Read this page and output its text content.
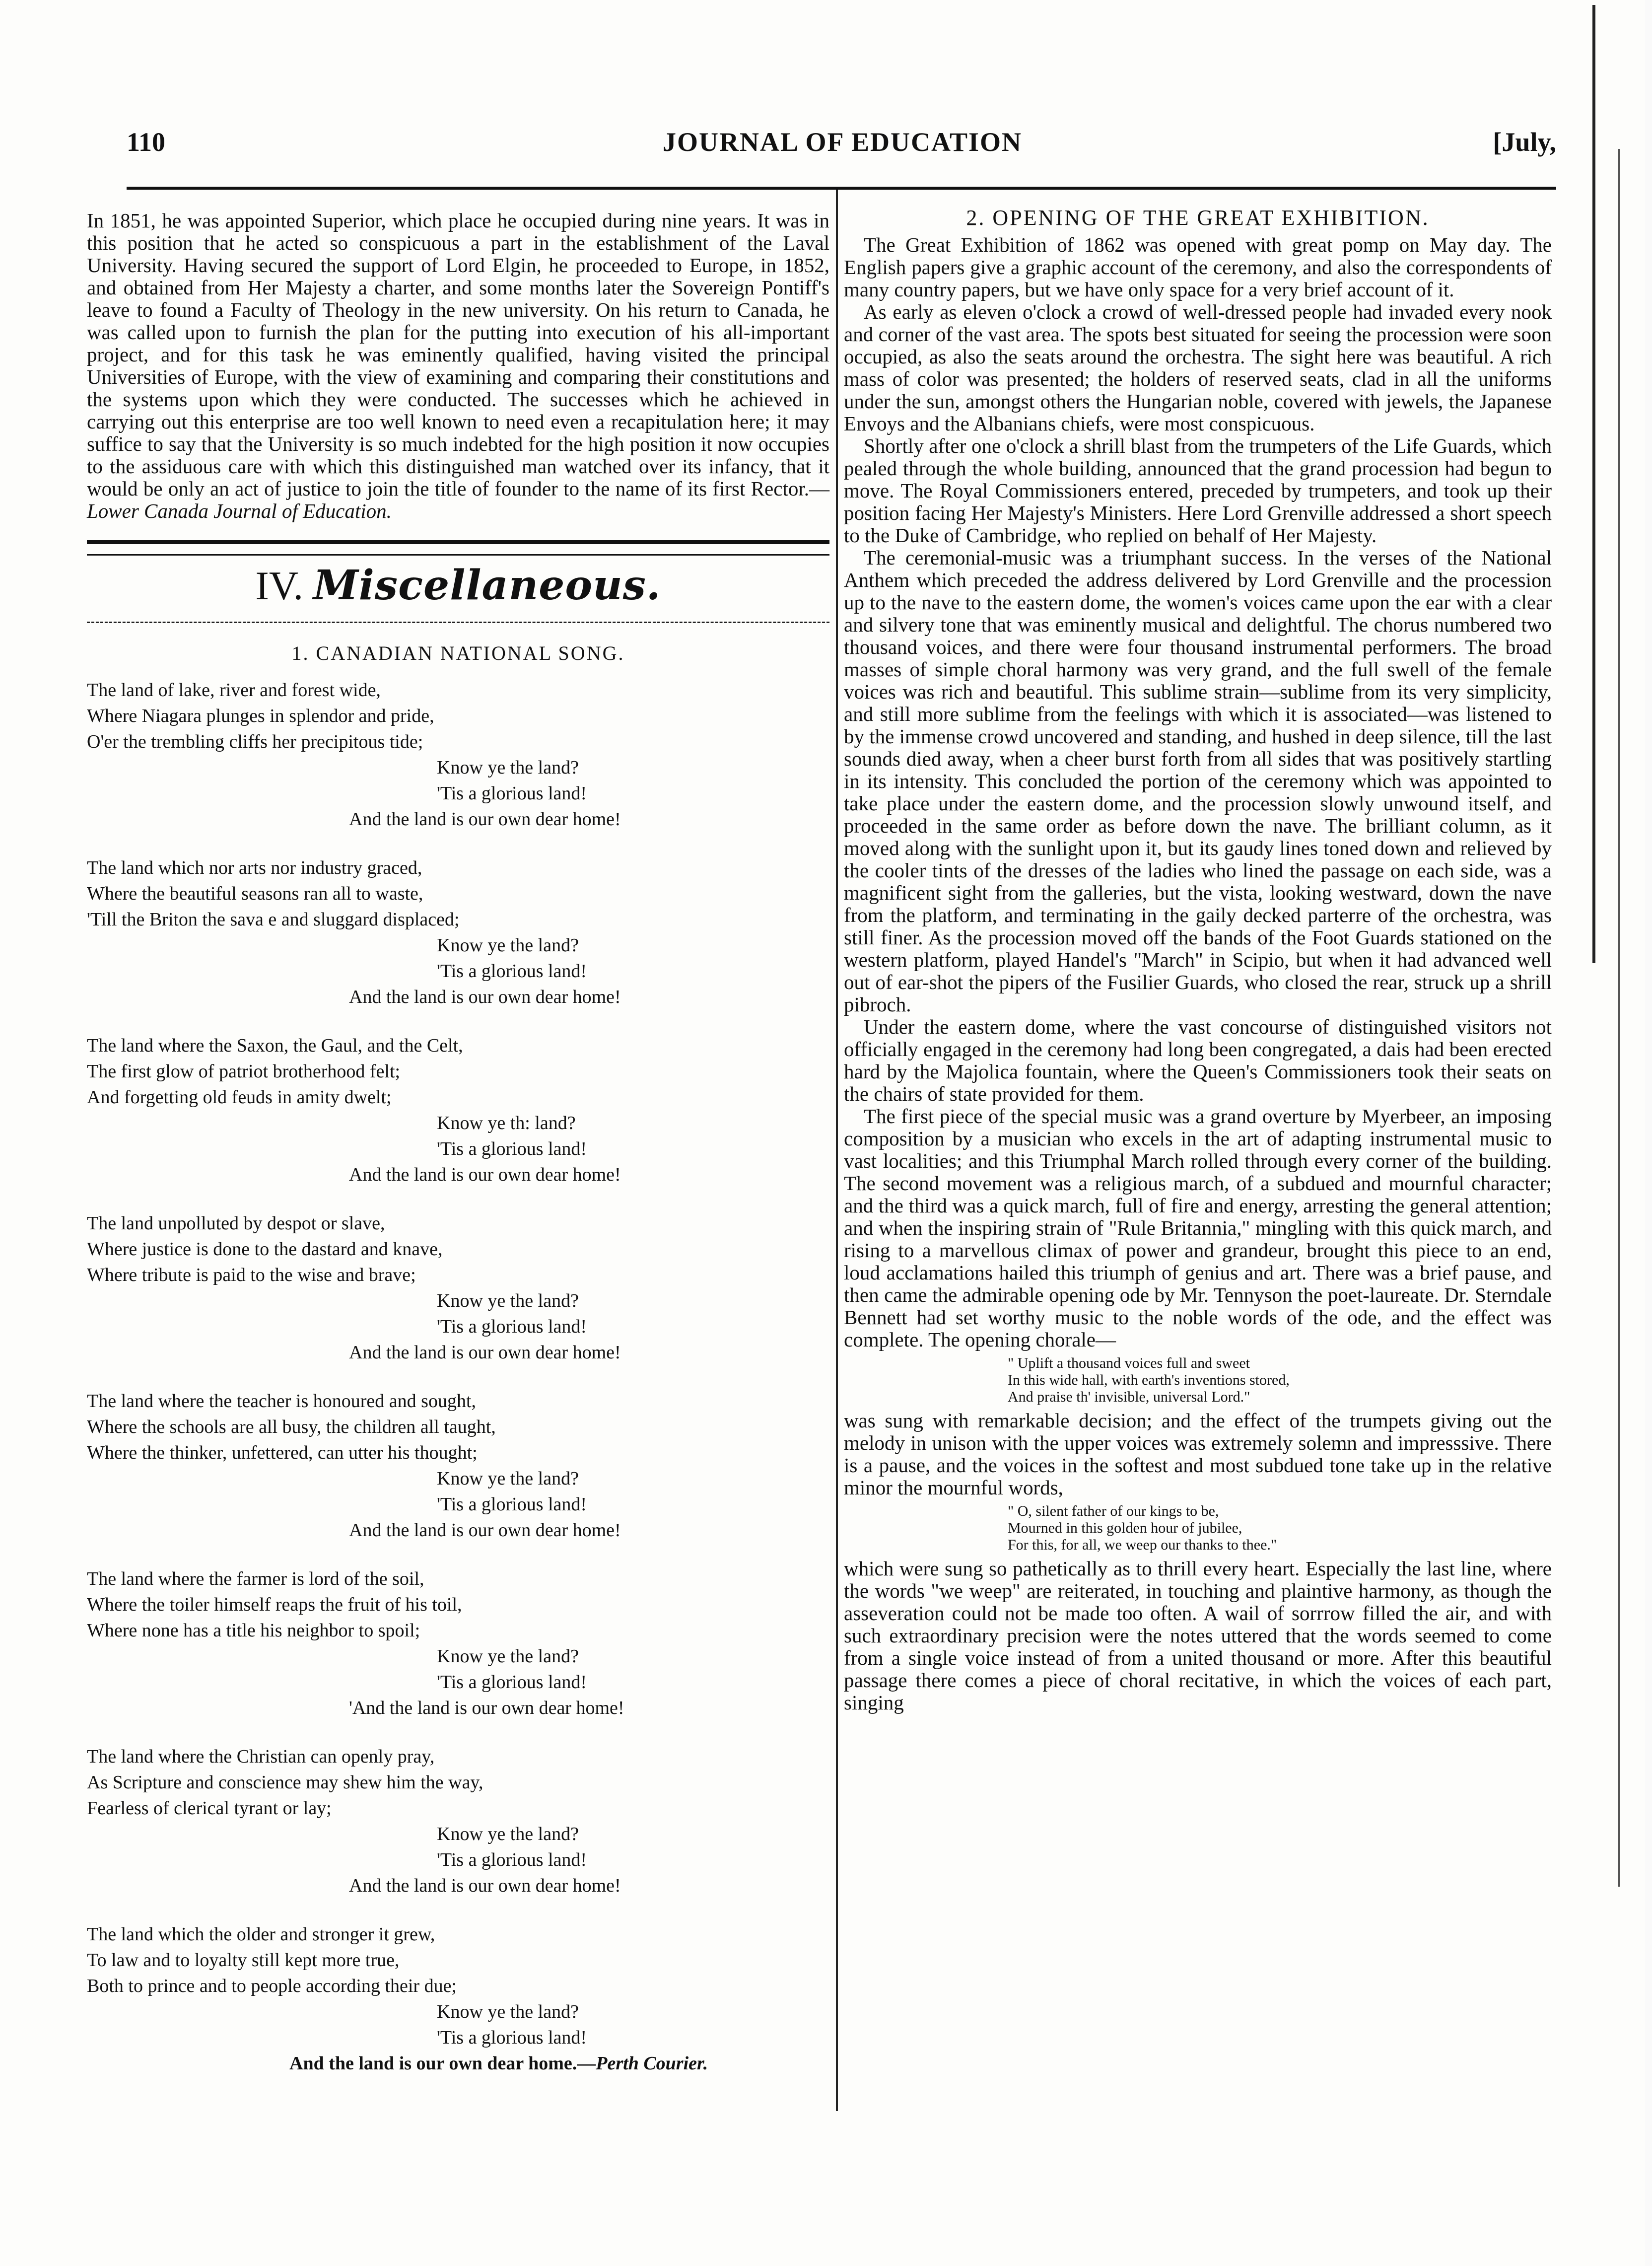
110	JOURNAL OF EDUCATION	[July,

In 1851, he was appointed Superior, which place he occupied during nine years. It was in this position that he acted so conspicuous a part in the establishment of the Laval University. Having secured the support of Lord Elgin, he proceeded to Europe, in 1852, and obtained from Her Majesty a charter, and some months later the Sovereign Pontiff's leave to found a Faculty of Theology in the new university. On his return to Canada, he was called upon to furnish the plan for the putting into execution of his all-important project, and for this task he was eminently qualified, having visited the principal Universities of Europe, with the view of examining and comparing their constitutions and the systems upon which they were conducted. The successes which he achieved in carrying out this enterprise are too well known to need even a recapitulation here; it may suffice to say that the University is so much indebted for the high position it now occupies to the assiduous care with which this distinguished man watched over its infancy, that it would be only an act of justice to join the title of founder to the name of its first Rector.—Lower Canada Journal of Education.

IV. Miscellaneous.
1. CANADIAN NATIONAL SONG.
The land of lake, river and forest wide,
Where Niagara plunges in splendor and pride,
O'er the trembling cliffs her precipitous tide;
Know ye the land?
'Tis a glorious land!
And the land is our own dear home!
The land which nor arts nor industry graced,
Where the beautiful seasons ran all to waste,
'Till the Briton the sava e and sluggard displaced;
Know ye the land?
'Tis a glorious land!
And the land is our own dear home!
The land where the Saxon, the Gaul, and the Celt,
The first glow of patriot brotherhood felt;
And forgetting old feuds in amity dwelt;
Know ye th: land?
'Tis a glorious land!
And the land is our own dear home!
The land unpolluted by despot or slave,
Where justice is done to the dastard and knave,
Where tribute is paid to the wise and brave;
Know ye the land?
'Tis a glorious land!
And the land is our own dear home!
The land where the teacher is honoured and sought,
Where the schools are all busy, the children all taught,
Where the thinker, unfettered, can utter his thought;
Know ye the land?
'Tis a glorious land!
And the land is our own dear home!
The land where the farmer is lord of the soil,
Where the toiler himself reaps the fruit of his toil,
Where none has a title his neighbor to spoil;
Know ye the land?
'Tis a glorious land!
'And the land is our own dear home!
The land where the Christian can openly pray,
As Scripture and conscience may shew him the way,
Fearless of clerical tyrant or lay;
Know ye the land?
'Tis a glorious land!
And the land is our own dear home!
The land which the older and stronger it grew,
To law and to loyalty still kept more true,
Both to prince and to people according their due;
Know ye the land?
'Tis a glorious land!
And the land is our own dear home.—Perth Courier.
2. OPENING OF THE GREAT EXHIBITION.

The Great Exhibition of 1862 was opened with great pomp on May day. The English papers give a graphic account of the ceremony, and also the correspondents of many country papers, but we have only space for a very brief account of it.

As early as eleven o'clock a crowd of well-dressed people had invaded every nook and corner of the vast area. The spots best situated for seeing the procession were soon occupied, as also the seats around the orchestra. The sight here was beautiful. A rich mass of color was presented; the holders of reserved seats, clad in all the uniforms under the sun, amongst others the Hungarian noble, covered with jewels, the Japanese Envoys and the Albanians chiefs, were most conspicuous.

Shortly after one o'clock a shrill blast from the trumpeters of the Life Guards, which pealed through the whole building, announced that the grand procession had begun to move. The Royal Commissioners entered, preceded by trumpeters, and took up their position facing Her Majesty's Ministers. Here Lord Grenville addressed a short speech to the Duke of Cambridge, who replied on behalf of Her Majesty.

The ceremonial-music was a triumphant success. In the verses of the National Anthem which preceded the address delivered by Lord Grenville and the procession up to the nave to the eastern dome, the women's voices came upon the ear with a clear and silvery tone that was eminently musical and delightful. The chorus numbered two thousand voices, and there were four thousand instrumental performers. The broad masses of simple choral harmony was very grand, and the full swell of the female voices was rich and beautiful. This sublime strain—sublime from its very simplicity, and still more sublime from the feelings with which it is associated—was listened to by the immense crowd uncovered and standing, and hushed in deep silence, till the last sounds died away, when a cheer burst forth from all sides that was positively startling in its intensity. This concluded the portion of the ceremony which was appointed to take place under the eastern dome, and the procession slowly unwound itself, and proceeded in the same order as before down the nave. The brilliant column, as it moved along with the sunlight upon it, but its gaudy lines toned down and relieved by the cooler tints of the dresses of the ladies who lined the passage on each side, was a magnificent sight from the galleries, but the vista, looking westward, down the nave from the platform, and terminating in the gaily decked parterre of the orchestra, was still finer. As the procession moved off the bands of the Foot Guards stationed on the western platform, played Handel's "March" in Scipio, but when it had advanced well out of ear-shot the pipers of the Fusilier Guards, who closed the rear, struck up a shrill pibroch.

Under the eastern dome, where the vast concourse of distinguished visitors not officially engaged in the ceremony had long been congregated, a dais had been erected hard by the Majolica fountain, where the Queen's Commissioners took their seats on the chairs of state provided for them.

The first piece of the special music was a grand overture by Myerbeer, an imposing composition by a musician who excels in the art of adapting instrumental music to vast localities; and this Triumphal March rolled through every corner of the building. The second movement was a religious march, of a subdued and mournful character; and the third was a quick march, full of fire and energy, arresting the general attention; and when the inspiring strain of "Rule Britannia," mingling with this quick march, and rising to a marvellous climax of power and grandeur, brought this piece to an end, loud acclamations hailed this triumph of genius and art. There was a brief pause, and then came the admirable opening ode by Mr. Tennyson the poet-laureate. Dr. Sterndale Bennett had set worthy music to the noble words of the ode, and the effect was complete. The opening chorale—

" Uplift a thousand voices full and sweet
In this wide hall, with earth's inventions stored,
And praise th' invisible, universal Lord."

was sung with remarkable decision; and the effect of the trumpets giving out the melody in unison with the upper voices was extremely solemn and impresssive. There is a pause, and the voices in the softest and most subdued tone take up in the relative minor the mournful words,

" O, silent father of our kings to be,
Mourned in this golden hour of jubilee,
For this, for all, we weep our thanks to thee."

which were sung so pathetically as to thrill every heart. Especially the last line, where the words "we weep" are reiterated, in touching and plaintive harmony, as though the asseveration could not be made too often. A wail of sorrrow filled the air, and with such extraordinary precision were the notes uttered that the words seemed to come from a single voice instead of from a united thousand or more. After this beautiful passage there comes a piece of choral recitative, in which the voices of each part, singing
